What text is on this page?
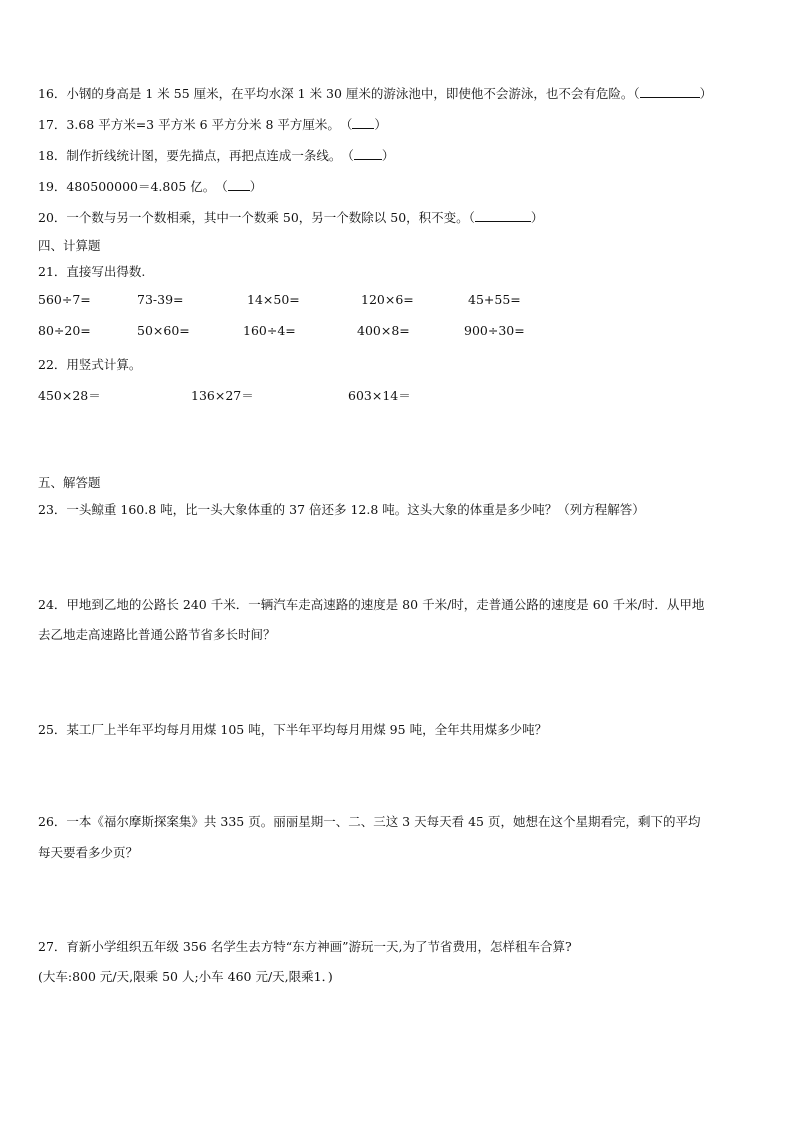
16．小钢的身高是 1 米 55 厘米，在平均水深 1 米 30 厘米的游泳池中，即使他不会游泳，也不会有危险。（	）
17．3.68 平方米=3 平方米 6 平方分米 8 平方厘米。　（ ）
18．制作折线统计图，要先描点，再把点连成一条线。　（ ）
19．480500000＝4.805 亿。　（ ）
20．一个数与另一个数相乘，其中一个数乘 50，另一个数除以 50，积不变。（	）
四、计算题
21．直接写出得数.
560÷7=	73-39=	14×50=	120×6=	45+55=
80÷20=	50×60=	160÷4=	400×8=	900÷30=
22．用竖式计算。
450×28＝	136×27＝	603×14＝
五、解答题
23．一头鲸重 160.8 吨，比一头大象体重的 37 倍还多 12.8 吨。这头大象的体重是多少吨？（列方程解答）
24．甲地到乙地的公路长 240 千米．一辆汽车走高速路的速度是 80 千米/时，走普通公路的速度是 60 千米/时．从甲地
去乙地走高速路比普通公路节省多长时间？
25．某工厂上半年平均每月用煤 105 吨，下半年平均每月用煤 95 吨，全年共用煤多少吨？
26．一本《福尔摩斯探案集》共 335 页。丽丽星期一、二、三这 3 天每天看 45 页，她想在这个星期看完，剩下的平均
每天要看多少页？
27．育新小学组织五年级 356 名学生去方特“东方神画”游玩一天,为了节省费用，怎样租车合算?
(大车:800 元/天,限乘 50 人;小车 460 元/天,限乘1．)
